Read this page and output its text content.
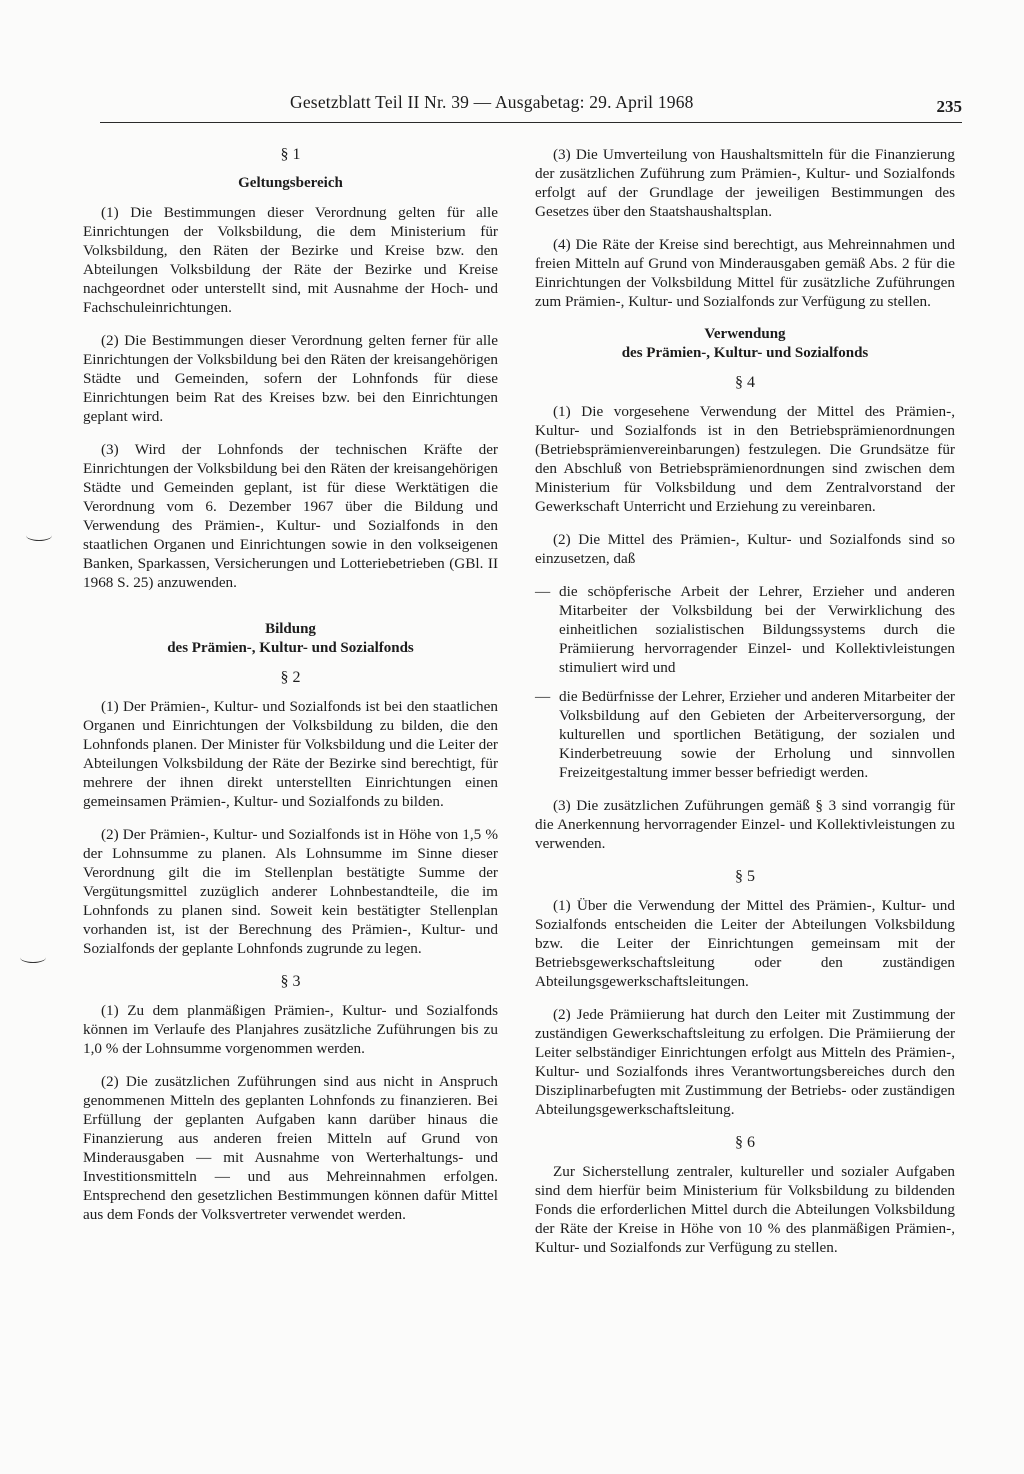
Gesetzblatt Teil II Nr. 39 — Ausgabetag: 29. April 1968	235
§ 1
Geltungsbereich

(1) Die Bestimmungen dieser Verordnung gelten für alle Einrichtungen der Volksbildung, die dem Ministerium für Volksbildung, den Räten der Bezirke und Kreise bzw. den Abteilungen Volksbildung der Räte der Bezirke und Kreise nachgeordnet oder unterstellt sind, mit Ausnahme der Hoch- und Fachschuleinrichtungen.

(2) Die Bestimmungen dieser Verordnung gelten ferner für alle Einrichtungen der Volksbildung bei den Räten der kreisangehörigen Städte und Gemeinden, sofern der Lohnfonds für diese Einrichtungen beim Rat des Kreises bzw. bei den Einrichtungen geplant wird.

(3) Wird der Lohnfonds der technischen Kräfte der Einrichtungen der Volksbildung bei den Räten der kreisangehörigen Städte und Gemeinden geplant, ist für diese Werktätigen die Verordnung vom 6. Dezember 1967 über die Bildung und Verwendung des Prämien-, Kultur- und Sozialfonds in den staatlichen Organen und Einrichtungen sowie in den volkseigenen Banken, Sparkassen, Versicherungen und Lotteriebetrieben (GBl. II 1968 S. 25) anzuwenden.

Bildung
des Prämien-, Kultur- und Sozialfonds
§ 2

(1) Der Prämien-, Kultur- und Sozialfonds ist bei den staatlichen Organen und Einrichtungen der Volksbildung zu bilden, die den Lohnfonds planen. Der Minister für Volksbildung und die Leiter der Abteilungen Volksbildung der Räte der Bezirke sind berechtigt, für mehrere der ihnen direkt unterstellten Einrichtungen einen gemeinsamen Prämien-, Kultur- und Sozialfonds zu bilden.

(2) Der Prämien-, Kultur- und Sozialfonds ist in Höhe von 1,5 % der Lohnsumme zu planen. Als Lohnsumme im Sinne dieser Verordnung gilt die im Stellenplan bestätigte Summe der Vergütungsmittel zuzüglich anderer Lohnbestandteile, die im Lohnfonds zu planen sind. Soweit kein bestätigter Stellenplan vorhanden ist, ist der Berechnung des Prämien-, Kultur- und Sozialfonds der geplante Lohnfonds zugrunde zu legen.

§ 3

(1) Zu dem planmäßigen Prämien-, Kultur- und Sozialfonds können im Verlaufe des Planjahres zusätzliche Zuführungen bis zu 1,0 % der Lohnsumme vorgenommen werden.

(2) Die zusätzlichen Zuführungen sind aus nicht in Anspruch genommenen Mitteln des geplanten Lohnfonds zu finanzieren. Bei Erfüllung der geplanten Aufgaben kann darüber hinaus die Finanzierung aus anderen freien Mitteln auf Grund von Minderausgaben — mit Ausnahme von Werterhaltungs- und Investitionsmitteln — und aus Mehreinnahmen erfolgen. Entsprechend den gesetzlichen Bestimmungen können dafür Mittel aus dem Fonds der Volksvertreter verwendet werden.

(3) Die Umverteilung von Haushaltsmitteln für die Finanzierung der zusätzlichen Zuführung zum Prämien-, Kultur- und Sozialfonds erfolgt auf der Grundlage der jeweiligen Bestimmungen des Gesetzes über den Staatshaushaltsplan.

(4) Die Räte der Kreise sind berechtigt, aus Mehreinnahmen und freien Mitteln auf Grund von Minderausgaben gemäß Abs. 2 für die Einrichtungen der Volksbildung Mittel für zusätzliche Zuführungen zum Prämien-, Kultur- und Sozialfonds zur Verfügung zu stellen.

Verwendung
des Prämien-, Kultur- und Sozialfonds
§ 4

(1) Die vorgesehene Verwendung der Mittel des Prämien-, Kultur- und Sozialfonds ist in den Betriebsprämienordnungen (Betriebsprämienvereinbarungen) festzulegen. Die Grundsätze für den Abschluß von Betriebsprämienordnungen sind zwischen dem Ministerium für Volksbildung und dem Zentralvorstand der Gewerkschaft Unterricht und Erziehung zu vereinbaren.

(2) Die Mittel des Prämien-, Kultur- und Sozialfonds sind so einzusetzen, daß

— die schöpferische Arbeit der Lehrer, Erzieher und anderen Mitarbeiter der Volksbildung bei der Verwirklichung des einheitlichen sozialistischen Bildungssystems durch die Prämiierung hervorragender Einzel- und Kollektivleistungen stimuliert wird und
— die Bedürfnisse der Lehrer, Erzieher und anderen Mitarbeiter der Volksbildung auf den Gebieten der Arbeiterversorgung, der kulturellen und sportlichen Betätigung, der sozialen und Kinderbetreuung sowie der Erholung und sinnvollen Freizeitgestaltung immer besser befriedigt werden.

(3) Die zusätzlichen Zuführungen gemäß § 3 sind vorrangig für die Anerkennung hervorragender Einzel- und Kollektivleistungen zu verwenden.

§ 5

(1) Über die Verwendung der Mittel des Prämien-, Kultur- und Sozialfonds entscheiden die Leiter der Abteilungen Volksbildung bzw. die Leiter der Einrichtungen gemeinsam mit der Betriebsgewerkschaftsleitung oder den zuständigen Abteilungsgewerkschaftsleitungen.

(2) Jede Prämiierung hat durch den Leiter mit Zustimmung der zuständigen Gewerkschaftsleitung zu erfolgen. Die Prämiierung der Leiter selbständiger Einrichtungen erfolgt aus Mitteln des Prämien-, Kultur- und Sozialfonds ihres Verantwortungsbereiches durch den Disziplinarbefugten mit Zustimmung der Betriebs- oder zuständigen Abteilungsgewerkschaftsleitung.

§ 6

Zur Sicherstellung zentraler, kultureller und sozialer Aufgaben sind dem hierfür beim Ministerium für Volksbildung zu bildenden Fonds die erforderlichen Mittel durch die Abteilungen Volksbildung der Räte der Kreise in Höhe von 10 % des planmäßigen Prämien-, Kultur- und Sozialfonds zur Verfügung zu stellen.
